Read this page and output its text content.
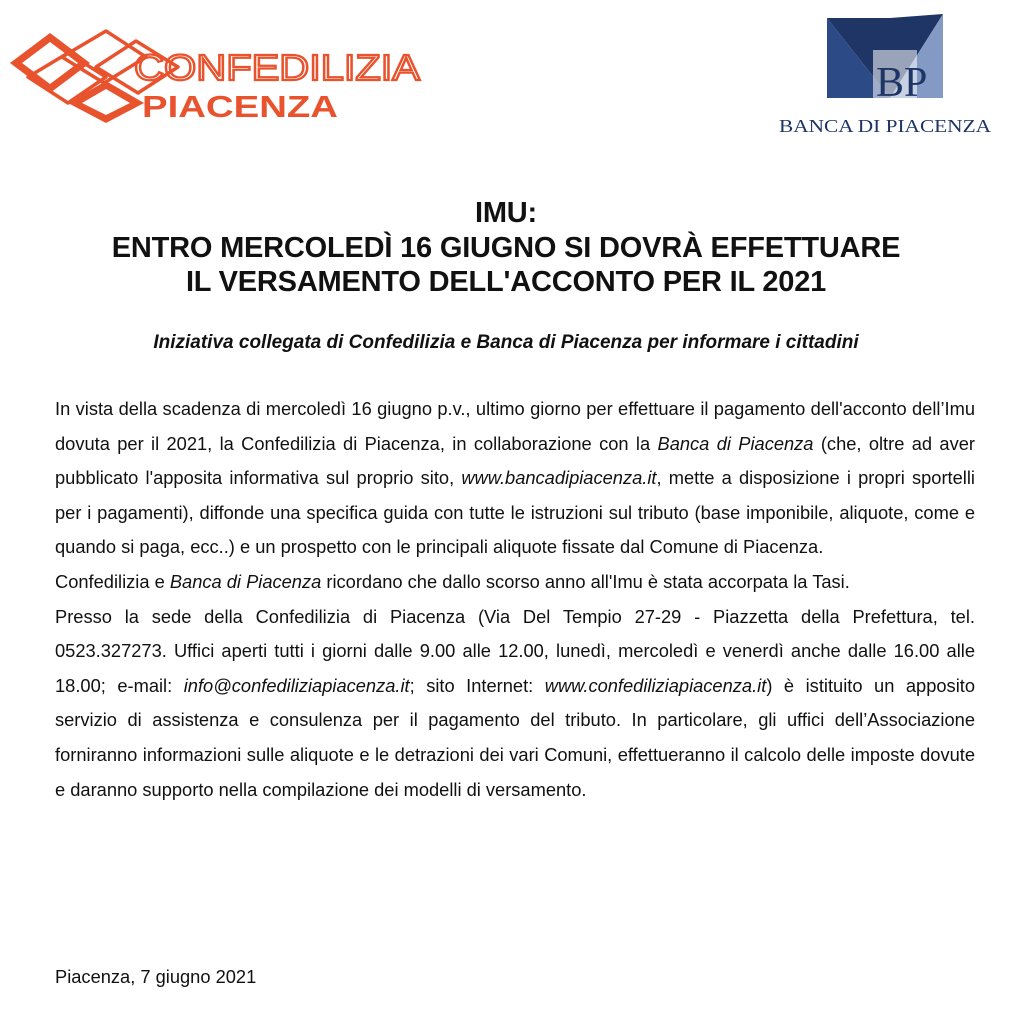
CONFEDILIZIA
PIACENZA
BP
BANCA DI PIACENZA
IMU:
ENTRO MERCOLEDÌ 16 GIUGNO SI DOVRÀ EFFETTUARE
IL VERSAMENTO DELL'ACCONTO PER IL 2021
Iniziativa collegata di Confedilizia e Banca di Piacenza per informare i cittadini

In vista della scadenza di mercoledì 16 giugno p.v., ultimo giorno per effettuare il pagamento dell'acconto dell’Imu dovuta per il 2021, la Confedilizia di Piacenza, in collaborazione con la Banca di Piacenza (che, oltre ad aver pubblicato l'apposita informativa sul proprio sito, www.bancadipiacenza.it, mette a disposizione i propri sportelli per i pagamenti), diffonde una specifica guida con tutte le istruzioni sul tributo (base imponibile, aliquote, come e quando si paga, ecc..) e un prospetto con le principali aliquote fissate dal Comune di Piacenza.

Confedilizia e Banca di Piacenza ricordano che dallo scorso anno all'Imu è stata accorpata la Tasi.

Presso la sede della Confedilizia di Piacenza (Via Del Tempio 27-29 - Piazzetta della Prefettura, tel. 0523.327273. Uffici aperti tutti i giorni dalle 9.00 alle 12.00, lunedì, mercoledì e venerdì anche dalle 16.00 alle 18.00; e-mail: info@confediliziapiacenza.it; sito Internet: www.confediliziapiacenza.it) è istituito un apposito servizio di assistenza e consulenza per il pagamento del tributo. In particolare, gli uffici dell’Associazione forniranno informazioni sulle aliquote e le detrazioni dei vari Comuni, effettueranno il calcolo delle imposte dovute e daranno supporto nella compilazione dei modelli di versamento.

Piacenza, 7 giugno 2021
